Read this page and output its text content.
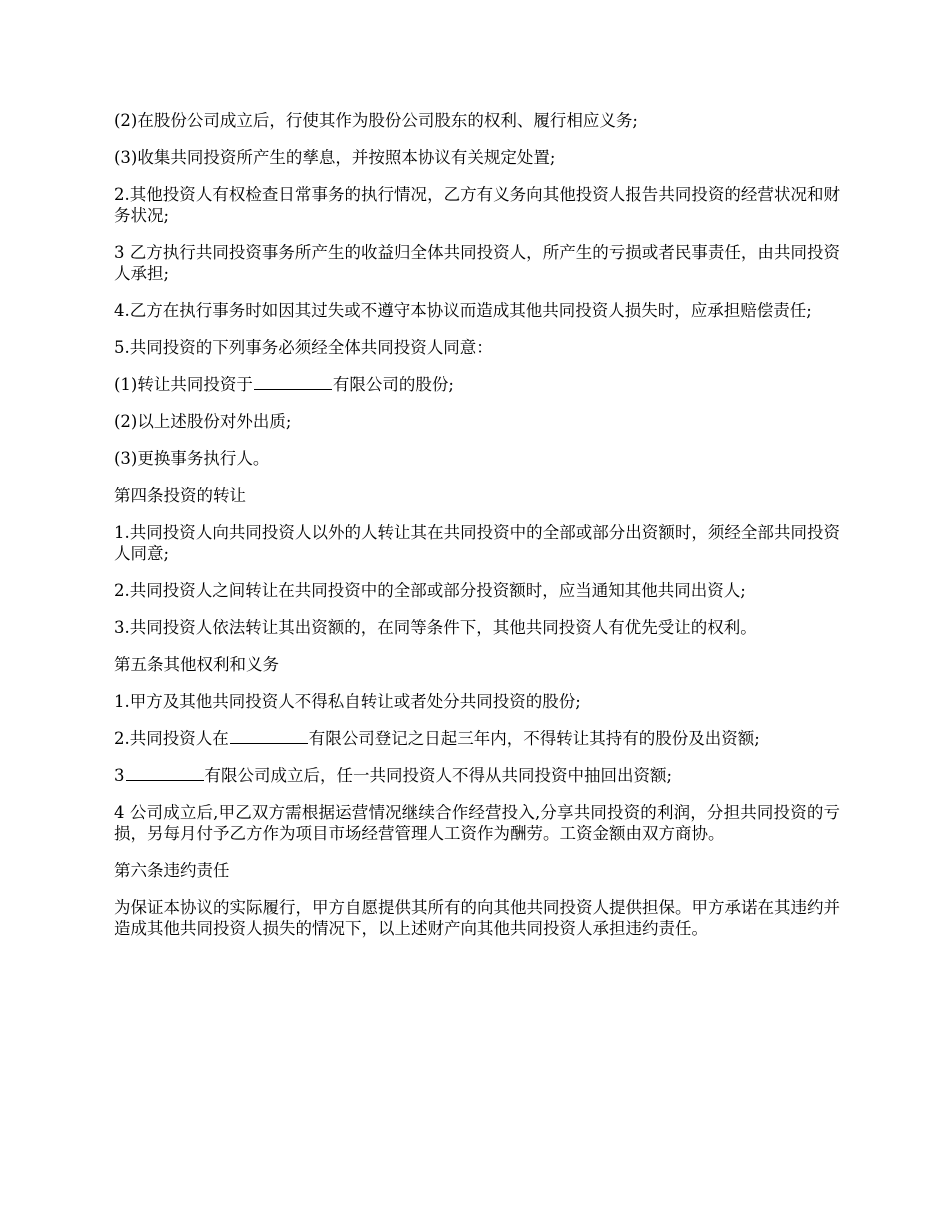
(2)在股份公司成立后，行使其作为股份公司股东的权利、履行相应义务;

(3)收集共同投资所产生的孳息，并按照本协议有关规定处置;

2.其他投资人有权检查日常事务的执行情况，乙方有义务向其他投资人报告共同投资的经营状况和财务状况;

3 乙方执行共同投资事务所产生的收益归全体共同投资人，所产生的亏损或者民事责任，由共同投资人承担;

4.乙方在执行事务时如因其过失或不遵守本协议而造成其他共同投资人损失时，应承担赔偿责任;

5.共同投资的下列事务必须经全体共同投资人同意：

(1)转让共同投资于	有限公司的股份;

(2)以上述股份对外出质;

(3)更换事务执行人。

第四条投资的转让

1.共同投资人向共同投资人以外的人转让其在共同投资中的全部或部分出资额时，须经全部共同投资人同意;

2.共同投资人之间转让在共同投资中的全部或部分投资额时，应当通知其他共同出资人;

3.共同投资人依法转让其出资额的，在同等条件下，其他共同投资人有优先受让的权利。

第五条其他权利和义务

1.甲方及其他共同投资人不得私自转让或者处分共同投资的股份;

2.共同投资人在	有限公司登记之日起三年内，不得转让其持有的股份及出资额;

3	有限公司成立后，任一共同投资人不得从共同投资中抽回出资额;

4 公司成立后,甲乙双方需根据运营情况继续合作经营投入,分享共同投资的利润，分担共同投资的亏损，另每月付予乙方作为项目市场经营管理人工资作为酬劳。工资金额由双方商协。

第六条违约责任

为保证本协议的实际履行，甲方自愿提供其所有的向其他共同投资人提供担保。甲方承诺在其违约并造成其他共同投资人损失的情况下，以上述财产向其他共同投资人承担违约责任。
